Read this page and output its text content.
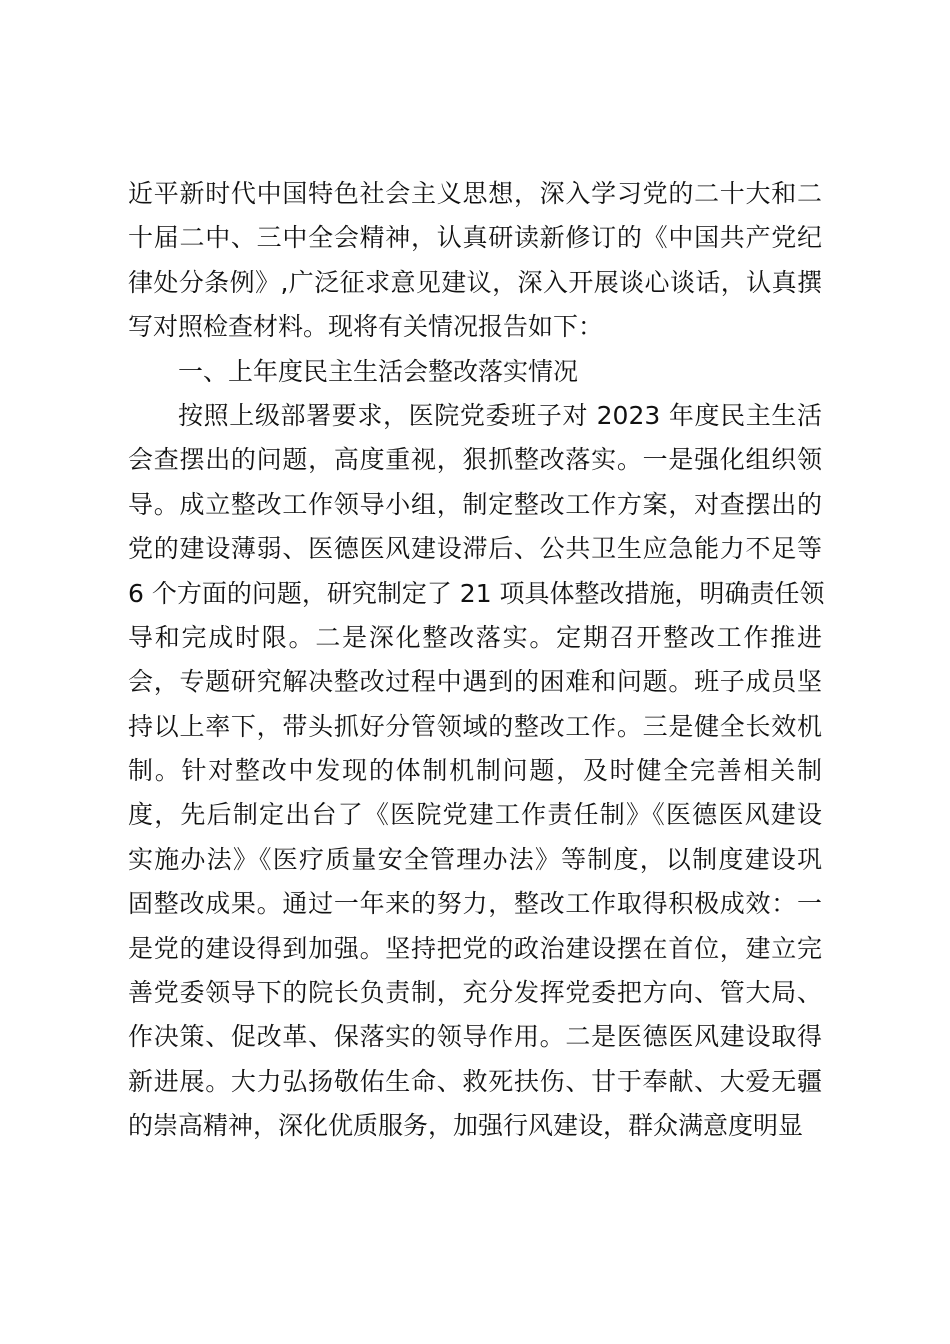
近平新时代中国特色社会主义思想，深入学习党的二十大和二
十届二中、三中全会精神，认真研读新修订的《中国共产党纪
律处分条例》,广泛征求意见建议，深入开展谈心谈话，认真撰
写对照检查材料。现将有关情况报告如下：
一、上年度民主生活会整改落实情况
按照上级部署要求，医院党委班子对 2023 年度民主生活
会查摆出的问题，高度重视，狠抓整改落实。一是强化组织领
导。成立整改工作领导小组，制定整改工作方案，对查摆出的
党的建设薄弱、医德医风建设滞后、公共卫生应急能力不足等
6 个方面的问题，研究制定了 21 项具体整改措施，明确责任领
导和完成时限。二是深化整改落实。定期召开整改工作推进
会，专题研究解决整改过程中遇到的困难和问题。班子成员坚
持以上率下，带头抓好分管领域的整改工作。三是健全长效机
制。针对整改中发现的体制机制问题，及时健全完善相关制
度，先后制定出台了《医院党建工作责任制》《医德医风建设
实施办法》《医疗质量安全管理办法》等制度，以制度建设巩
固整改成果。通过一年来的努力，整改工作取得积极成效：一
是党的建设得到加强。坚持把党的政治建设摆在首位，建立完
善党委领导下的院长负责制，充分发挥党委把方向、管大局、
作决策、促改革、保落实的领导作用。二是医德医风建设取得
新进展。大力弘扬敬佑生命、救死扶伤、甘于奉献、大爱无疆
的崇高精神，深化优质服务，加强行风建设，群众满意度明显
